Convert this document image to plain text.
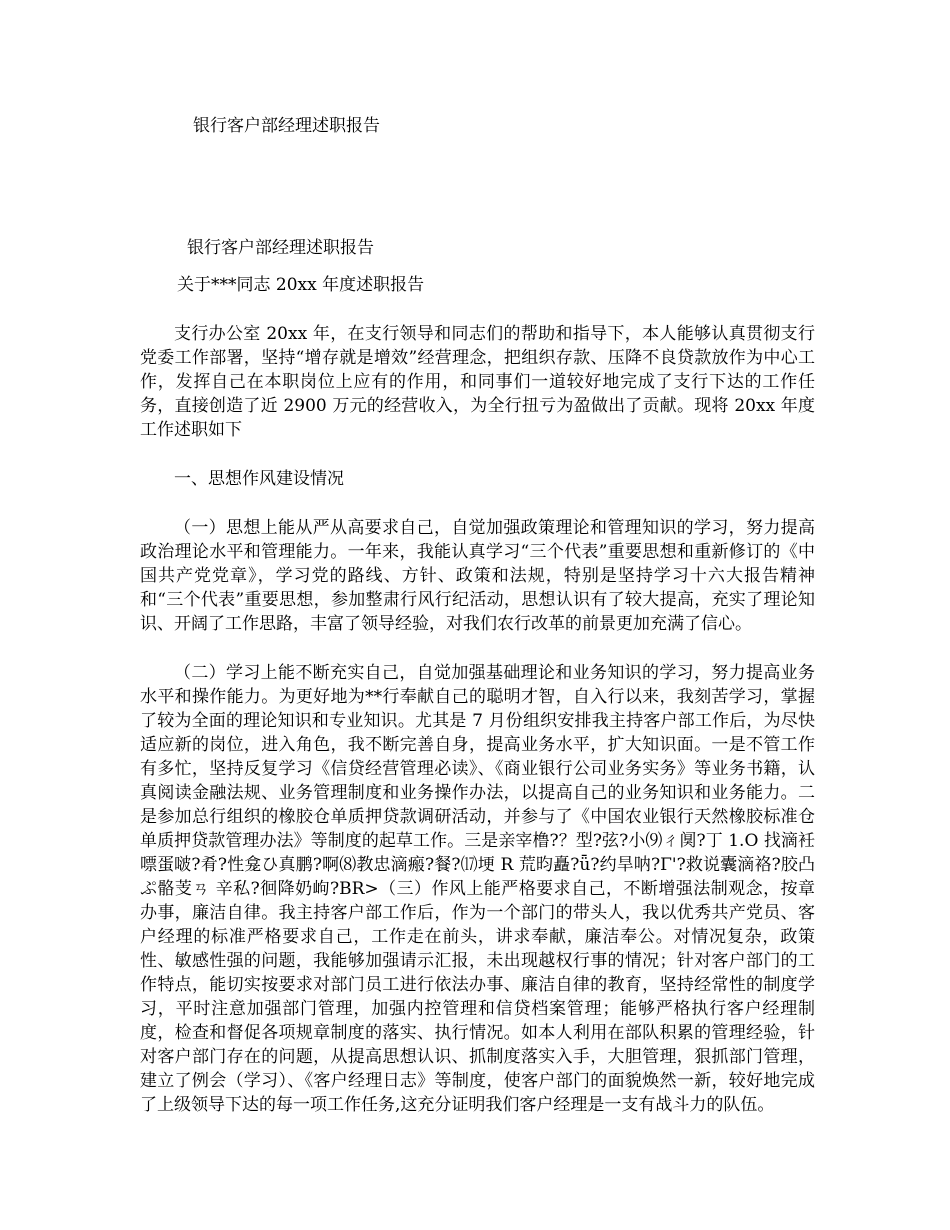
银行客户部经理述职报告

银行客户部经理述职报告

关于***同志 20xx 年度述职报告

支行办公室 20xx 年，在支行领导和同志们的帮助和指导下，本人能够认真贯彻支行党委工作部署，坚持“增存就是增效”经营理念，把组织存款、压降不良贷款放作为中心工作，发挥自己在本职岗位上应有的作用，和同事们一道较好地完成了支行下达的工作任务，直接创造了近 2900 万元的经营收入，为全行扭亏为盈做出了贡献。现将 20xx 年度工作述职如下

一、思想作风建设情况

（一）思想上能从严从高要求自己，自觉加强政策理论和管理知识的学习，努力提高政治理论水平和管理能力。一年来，我能认真学习“三个代表”重要思想和重新修订的《中国共产党党章》，学习党的路线、方针、政策和法规，特别是坚持学习十六大报告精神和“三个代表”重要思想，参加整肃行风行纪活动，思想认识有了较大提高，充实了理论知识、开阔了工作思路，丰富了领导经验，对我们农行改革的前景更加充满了信心。

（二）学习上能不断充实自己，自觉加强基础理论和业务知识的学习，努力提高业务水平和操作能力。为更好地为**行奉献自己的聪明才智，自入行以来，我刻苦学习，掌握了较为全面的理论知识和专业知识。尤其是 7 月份组织安排我主持客户部工作后，为尽快适应新的岗位，进入角色，我不断完善自身，提高业务水平，扩大知识面。一是不管工作有多忙，坚持反复学习《信贷经营管理必读》、《商业银行公司业务实务》等业务书籍，认真阅读金融法规、业务管理制度和业务操作办法，以提高自己的业务知识和业务能力。二是参加总行组织的橡胶仓单质押贷款调研活动，并参与了《中国农业银行天然橡胶标准仓单质押贷款管理办法》等制度的起草工作。三是亲宰橹?？型?弦?小⑼ㄔ阒?丁 1.O 找滴衽嘌蛋啵?肴?性龛ひ真鹏?啊⑻教忠滴瘢?餐?⒄埂 R 荒昀矗?ǖ?约旱呐?Γ'?救说囊滴袼?胶凸ぷ骼芰ㄢ 辛私?徊降奶岣?BR>（三）作风上能严格要求自己，不断增强法制观念，按章办事，廉洁自律。我主持客户部工作后，作为一个部门的带头人，我以优秀共产党员、客户经理的标准严格要求自己，工作走在前头，讲求奉献，廉洁奉公。对情况复杂，政策性、敏感性强的问题，我能够加强请示汇报，未出现越权行事的情况；针对客户部门的工作特点，能切实按要求对部门员工进行依法办事、廉洁自律的教育，坚持经常性的制度学习，平时注意加强部门管理，加强内控管理和信贷档案管理；能够严格执行客户经理制度，检查和督促各项规章制度的落实、执行情况。如本人利用在部队积累的管理经验，针对客户部门存在的问题，从提高思想认识、抓制度落实入手，大胆管理，狠抓部门管理，建立了例会（学习）、《客户经理日志》等制度，使客户部门的面貌焕然一新，较好地完成了上级领导下达的每一项工作任务,这充分证明我们客户经理是一支有战斗力的队伍。
